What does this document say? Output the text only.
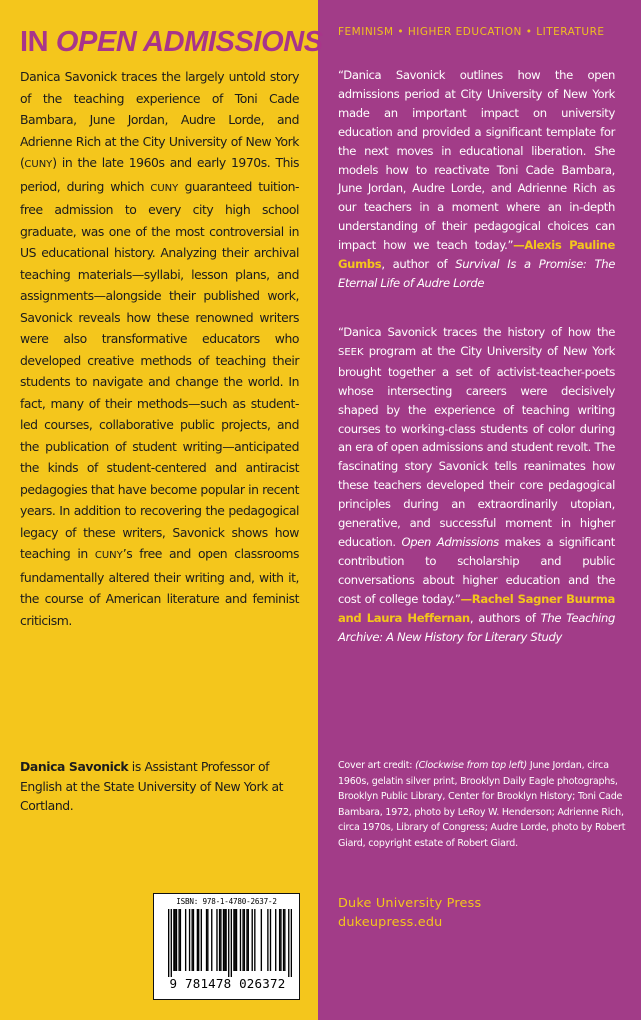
IN OPEN ADMISSIONS

Danica Savonick traces the largely untold story of the teaching experience of Toni Cade Bambara, June Jordan, Audre Lorde, and Adrienne Rich at the City University of New York (CUNY) in the late 1960s and early 1970s. This period, during which CUNY guaranteed tuition-free admission to every city high school graduate, was one of the most controversial in US educational history. Analyzing their archival teaching materials—syllabi, lesson plans, and assignments—alongside their published work, Savonick reveals how these renowned writers were also transformative educators who developed creative methods of teaching their students to navigate and change the world. In fact, many of their methods—such as student-led courses, collaborative public projects, and the publication of student writing—anticipated the kinds of student-centered and antiracist pedagogies that have become popular in recent years. In addition to recovering the pedagogical legacy of these writers, Savonick shows how teaching in CUNY’s free and open classrooms fundamentally altered their writing and, with it, the course of American literature and feminist criticism.

Danica Savonick is Assistant Professor of English at the State University of New York at Cortland.

ISBN: 978-1-4780-2637-2
9 781478 026372

FEMINISM • HIGHER EDUCATION • LITERATURE

“Danica Savonick outlines how the open admissions period at City University of New York made an important impact on university education and provided a significant template for the next moves in educational liberation. She models how to reactivate Toni Cade Bambara, June Jordan, Audre Lorde, and Adrienne Rich as our teachers in a moment where an in-depth understanding of their pedagogical choices can impact how we teach today.”—Alexis Pauline Gumbs, author of Survival Is a Promise: The Eternal Life of Audre Lorde

“Danica Savonick traces the history of how the SEEK program at the City University of New York brought together a set of activist-teacher-poets whose intersecting careers were decisively shaped by the experience of teaching writing courses to working-class students of color during an era of open admissions and student revolt. The fascinating story Savonick tells reanimates how these teachers developed their core pedagogical principles during an extraordinarily utopian, generative, and successful moment in higher education. Open Admissions makes a significant contribution to scholarship and public conversations about higher education and the cost of college today.”—Rachel Sagner Buurma and Laura Heffernan, authors of The Teaching Archive: A New History for Literary Study

Cover art credit: (Clockwise from top left) June Jordan, circa 1960s, gelatin silver print, Brooklyn Daily Eagle photographs, Brooklyn Public Library, Center for Brooklyn History; Toni Cade Bambara, 1972, photo by LeRoy W. Henderson; Adrienne Rich, circa 1970s, Library of Congress; Audre Lorde, photo by Robert Giard, copyright estate of Robert Giard.

Duke University Press
dukeupress.edu
